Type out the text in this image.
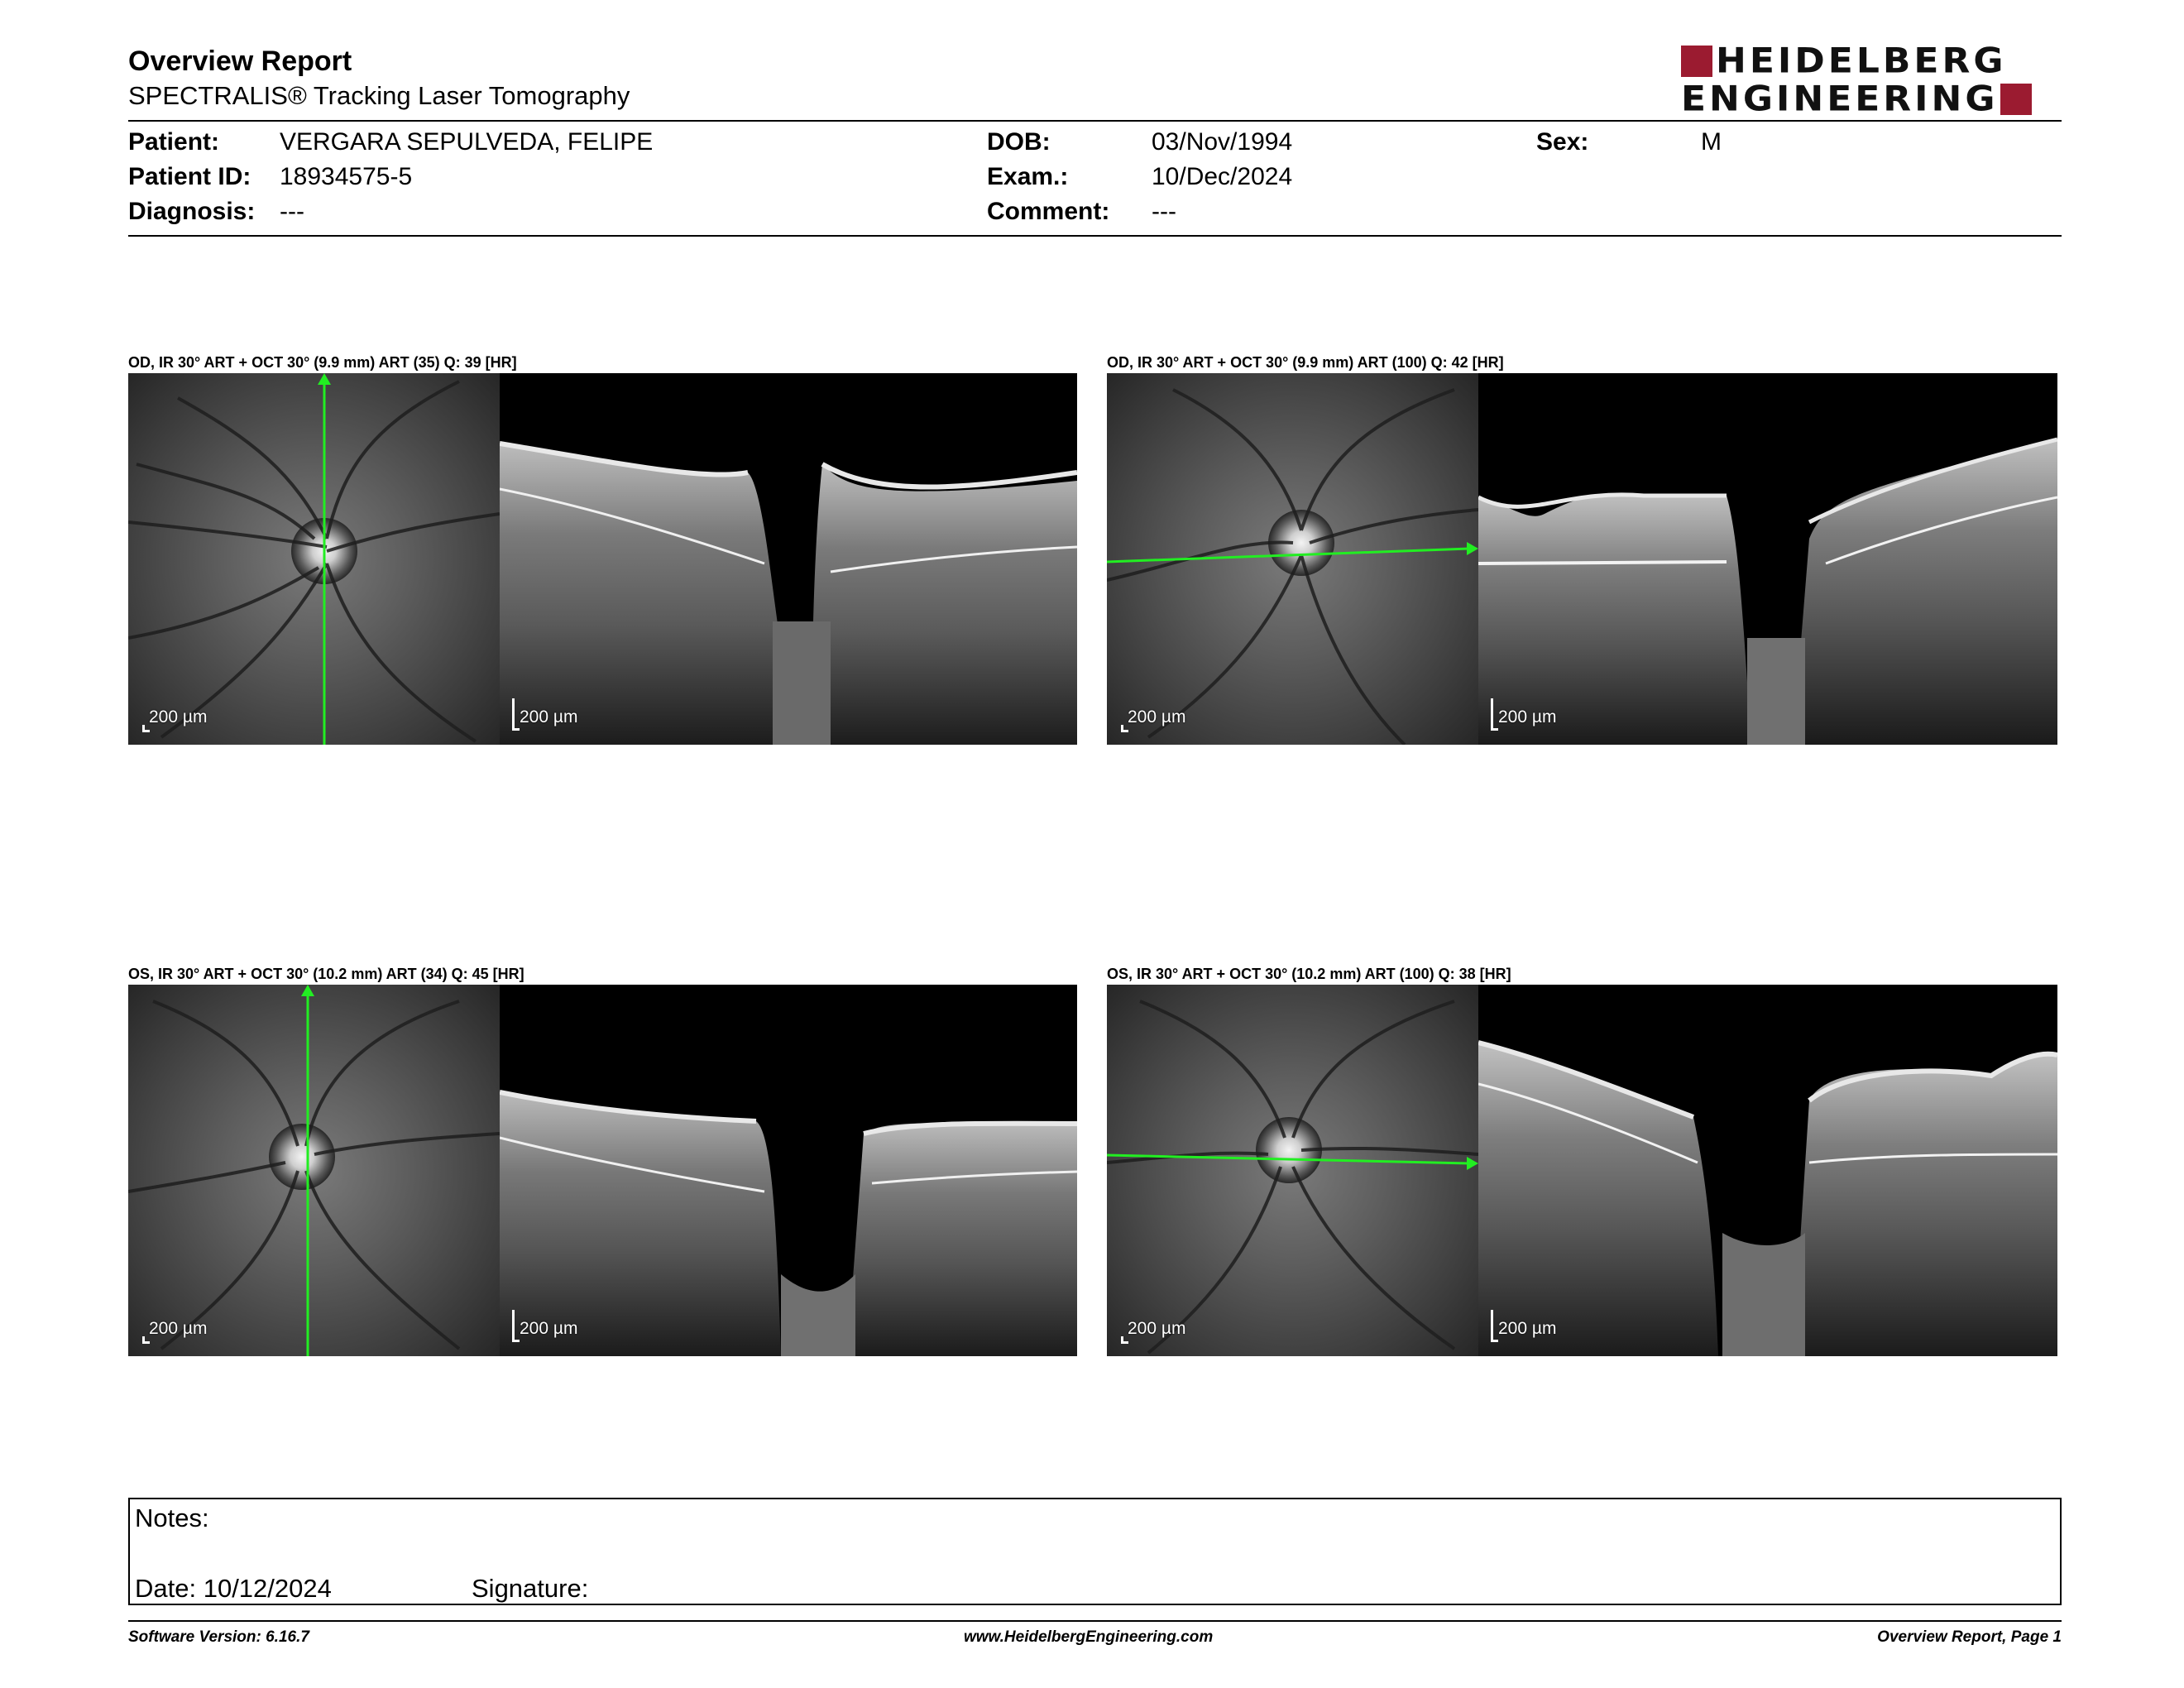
Overview Report
SPECTRALIS® Tracking Laser Tomography
HEIDELBERG
ENGINEERING
Patient: VERGARA SEPULVEDA, FELIPE
Patient ID: 18934575-5
Diagnosis: ---
DOB:	03/Nov/1994
Exam.:	10/Dec/2024
Comment: ---
Sex:	M
OD, IR 30° ART + OCT 30° (9.9 mm) ART (35) Q: 39 [HR]
200 µm	200 µm
OD, IR 30° ART + OCT 30° (9.9 mm) ART (100) Q: 42 [HR]
200 µm	200 µm
OS, IR 30° ART + OCT 30° (10.2 mm) ART (34) Q: 45 [HR]
200 µm	200 µm
OS, IR 30° ART + OCT 30° (10.2 mm) ART (100) Q: 38 [HR]
200 µm	200 µm
Notes:
Date: 10/12/2024	Signature:
Software Version: 6.16.7	www.HeidelbergEngineering.com	Overview Report, Page 1
